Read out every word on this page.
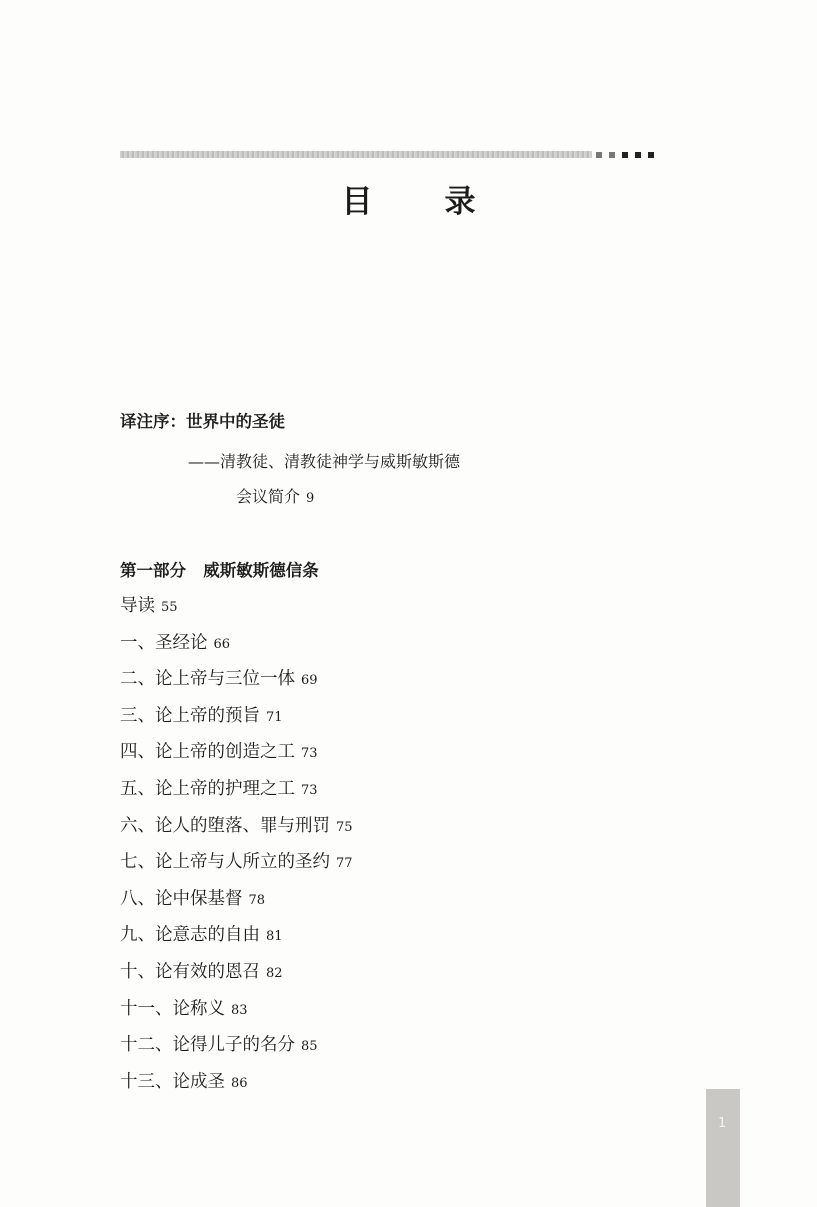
目录
译注序：世界中的圣徒
——清教徒、清教徒神学与威斯敏斯德
会议简介 9
第一部分   威斯敏斯德信条
导读 55
一、圣经论 66
二、论上帝与三位一体 69
三、论上帝的预旨 71
四、论上帝的创造之工 73
五、论上帝的护理之工 73
六、论人的堕落、罪与刑罚 75
七、论上帝与人所立的圣约 77
八、论中保基督 78
九、论意志的自由 81
十、论有效的恩召 82
十一、论称义 83
十二、论得儿子的名分 85
十三、论成圣 86
1
